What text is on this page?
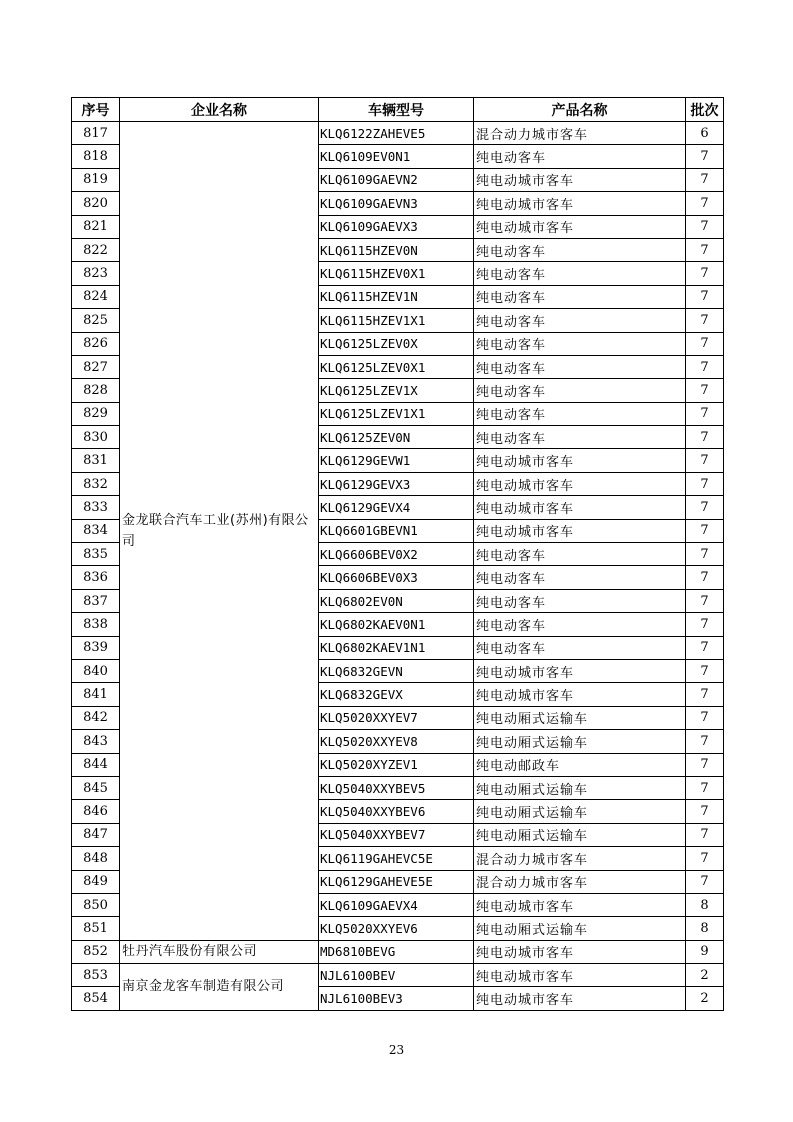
序号	企业名称	车辆型号	产品名称	批次
817	金龙联合汽车工业(苏州)有限公司	KLQ6122ZAHEVE5	混合动力城市客车	6
818		KLQ6109EV0N1	纯电动客车	7
819		KLQ6109GAEVN2	纯电动城市客车	7
820		KLQ6109GAEVN3	纯电动城市客车	7
821		KLQ6109GAEVX3	纯电动城市客车	7
822		KLQ6115HZEV0N	纯电动客车	7
823		KLQ6115HZEV0X1	纯电动客车	7
824		KLQ6115HZEV1N	纯电动客车	7
825		KLQ6115HZEV1X1	纯电动客车	7
826		KLQ6125LZEV0X	纯电动客车	7
827		KLQ6125LZEV0X1	纯电动客车	7
828		KLQ6125LZEV1X	纯电动客车	7
829		KLQ6125LZEV1X1	纯电动客车	7
830		KLQ6125ZEV0N	纯电动客车	7
831		KLQ6129GEVW1	纯电动城市客车	7
832		KLQ6129GEVX3	纯电动城市客车	7
833		KLQ6129GEVX4	纯电动城市客车	7
834		KLQ6601GBEVN1	纯电动城市客车	7
835		KLQ6606BEV0X2	纯电动客车	7
836		KLQ6606BEV0X3	纯电动客车	7
837		KLQ6802EV0N	纯电动客车	7
838		KLQ6802KAEV0N1	纯电动客车	7
839		KLQ6802KAEV1N1	纯电动客车	7
840		KLQ6832GEVN	纯电动城市客车	7
841		KLQ6832GEVX	纯电动城市客车	7
842		KLQ5020XXYEV7	纯电动厢式运输车	7
843		KLQ5020XXYEV8	纯电动厢式运输车	7
844		KLQ5020XYZEV1	纯电动邮政车	7
845		KLQ5040XXYBEV5	纯电动厢式运输车	7
846		KLQ5040XXYBEV6	纯电动厢式运输车	7
847		KLQ5040XXYBEV7	纯电动厢式运输车	7
848		KLQ6119GAHEVC5E	混合动力城市客车	7
849		KLQ6129GAHEVE5E	混合动力城市客车	7
850		KLQ6109GAEVX4	纯电动城市客车	8
851		KLQ5020XXYEV6	纯电动厢式运输车	8
852	牡丹汽车股份有限公司	MD6810BEVG	纯电动城市客车	9
853	南京金龙客车制造有限公司	NJL6100BEV	纯电动城市客车	2
854		NJL6100BEV3	纯电动城市客车	2
23
